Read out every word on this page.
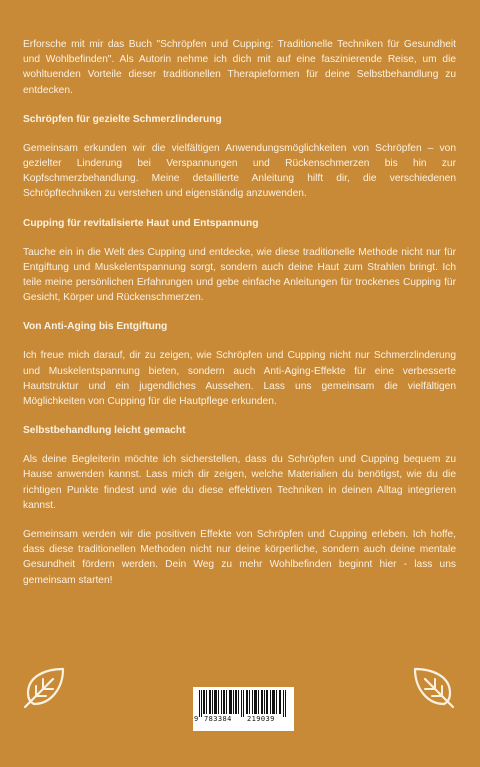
Erforsche mit mir das Buch "Schröpfen und Cupping: Traditionelle Techniken für Gesundheit und Wohlbefinden". Als Autorin nehme ich dich mit auf eine faszinierende Reise, um die wohltuenden Vorteile dieser traditionellen Therapieformen für deine Selbstbehandlung zu entdecken.

Schröpfen für gezielte Schmerzlinderung

Gemeinsam erkunden wir die vielfältigen Anwendungsmöglichkeiten von Schröpfen – von gezielter Linderung bei Verspannungen und Rückenschmerzen bis hin zur Kopfschmerzbehandlung. Meine detaillierte Anleitung hilft dir, die verschiedenen Schröpftechniken zu verstehen und eigenständig anzuwenden.

Cupping für revitalisierte Haut und Entspannung

Tauche ein in die Welt des Cupping und entdecke, wie diese traditionelle Methode nicht nur für Entgiftung und Muskelentspannung sorgt, sondern auch deine Haut zum Strahlen bringt. Ich teile meine persönlichen Erfahrungen und gebe einfache Anleitungen für trockenes Cupping für Gesicht, Körper und Rückenschmerzen.

Von Anti-Aging bis Entgiftung

Ich freue mich darauf, dir zu zeigen, wie Schröpfen und Cupping nicht nur Schmerzlinderung und Muskelentspannung bieten, sondern auch Anti-Aging-Effekte für eine verbesserte Hautstruktur und ein jugendliches Aussehen. Lass uns gemeinsam die vielfältigen Möglichkeiten von Cupping für die Hautpflege erkunden.

Selbstbehandlung leicht gemacht

Als deine Begleiterin möchte ich sicherstellen, dass du Schröpfen und Cupping bequem zu Hause anwenden kannst. Lass mich dir zeigen, welche Materialien du benötigst, wie du die richtigen Punkte findest und wie du diese effektiven Techniken in deinen Alltag integrieren kannst.

Gemeinsam werden wir die positiven Effekte von Schröpfen und Cupping erleben. Ich hoffe, dass diese traditionellen Methoden nicht nur deine körperliche, sondern auch deine mentale Gesundheit fördern werden. Dein Weg zu mehr Wohlbefinden beginnt hier - lass uns gemeinsam starten!

9 783384 219039
